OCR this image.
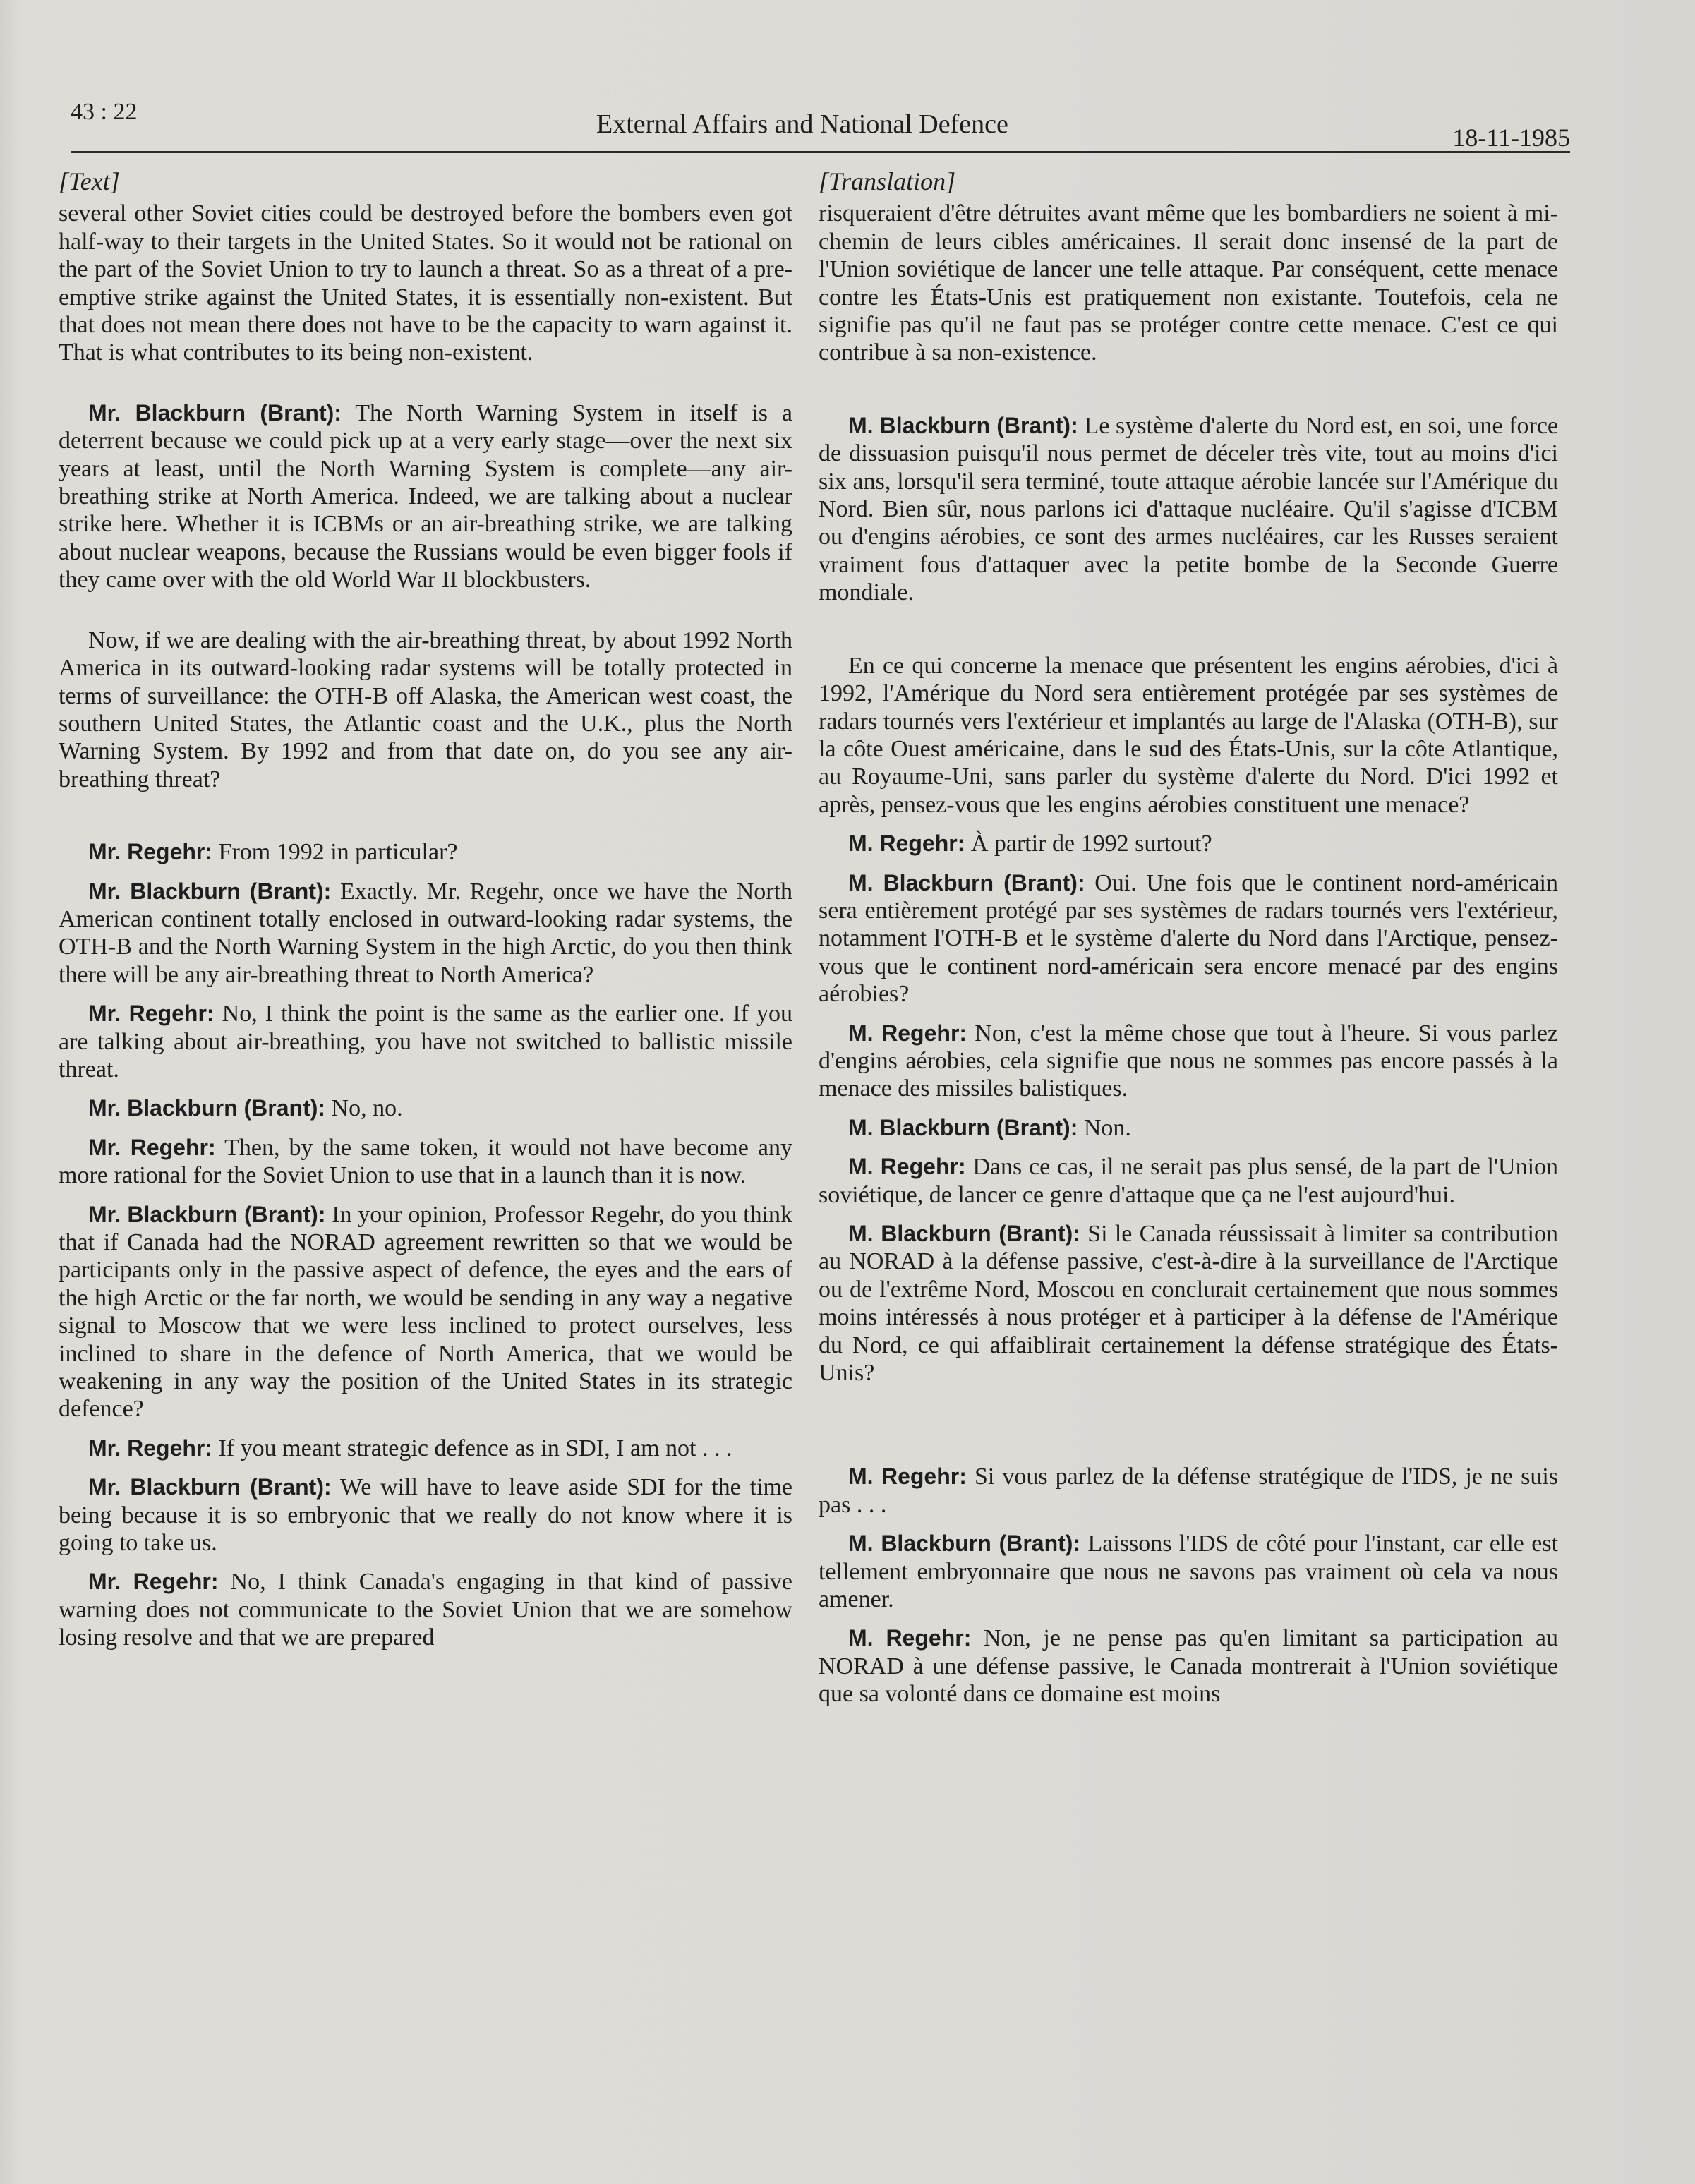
43 : 22	External Affairs and National Defence	18-11-1985
[Text]

several other Soviet cities could be destroyed before the bombers even got half-way to their targets in the United States. So it would not be rational on the part of the Soviet Union to try to launch a threat. So as a threat of a pre-emptive strike against the United States, it is essentially non-existent. But that does not mean there does not have to be the capacity to warn against it. That is what contributes to its being non-existent.

Mr. Blackburn (Brant): The North Warning System in itself is a deterrent because we could pick up at a very early stage—over the next six years at least, until the North Warning System is complete—any air-breathing strike at North America. Indeed, we are talking about a nuclear strike here. Whether it is ICBMs or an air-breathing strike, we are talking about nuclear weapons, because the Russians would be even bigger fools if they came over with the old World War II blockbusters.

Now, if we are dealing with the air-breathing threat, by about 1992 North America in its outward-looking radar systems will be totally protected in terms of surveillance: the OTH-B off Alaska, the American west coast, the southern United States, the Atlantic coast and the U.K., plus the North Warning System. By 1992 and from that date on, do you see any air-breathing threat?

Mr. Regehr: From 1992 in particular?

Mr. Blackburn (Brant): Exactly. Mr. Regehr, once we have the North American continent totally enclosed in outward-looking radar systems, the OTH-B and the North Warning System in the high Arctic, do you then think there will be any air-breathing threat to North America?

Mr. Regehr: No, I think the point is the same as the earlier one. If you are talking about air-breathing, you have not switched to ballistic missile threat.

Mr. Blackburn (Brant): No, no.

Mr. Regehr: Then, by the same token, it would not have become any more rational for the Soviet Union to use that in a launch than it is now.

Mr. Blackburn (Brant): In your opinion, Professor Regehr, do you think that if Canada had the NORAD agreement rewritten so that we would be participants only in the passive aspect of defence, the eyes and the ears of the high Arctic or the far north, we would be sending in any way a negative signal to Moscow that we were less inclined to protect ourselves, less inclined to share in the defence of North America, that we would be weakening in any way the position of the United States in its strategic defence?

Mr. Regehr: If you meant strategic defence as in SDI, I am not . . .

Mr. Blackburn (Brant): We will have to leave aside SDI for the time being because it is so embryonic that we really do not know where it is going to take us.

Mr. Regehr: No, I think Canada's engaging in that kind of passive warning does not communicate to the Soviet Union that we are somehow losing resolve and that we are prepared

[Translation]

risqueraient d'être détruites avant même que les bombardiers ne soient à mi-chemin de leurs cibles américaines. Il serait donc insensé de la part de l'Union soviétique de lancer une telle attaque. Par conséquent, cette menace contre les États-Unis est pratiquement non existante. Toutefois, cela ne signifie pas qu'il ne faut pas se protéger contre cette menace. C'est ce qui contribue à sa non-existence.

M. Blackburn (Brant): Le système d'alerte du Nord est, en soi, une force de dissuasion puisqu'il nous permet de déceler très vite, tout au moins d'ici six ans, lorsqu'il sera terminé, toute attaque aérobie lancée sur l'Amérique du Nord. Bien sûr, nous parlons ici d'attaque nucléaire. Qu'il s'agisse d'ICBM ou d'engins aérobies, ce sont des armes nucléaires, car les Russes seraient vraiment fous d'attaquer avec la petite bombe de la Seconde Guerre mondiale.

En ce qui concerne la menace que présentent les engins aérobies, d'ici à 1992, l'Amérique du Nord sera entièrement protégée par ses systèmes de radars tournés vers l'extérieur et implantés au large de l'Alaska (OTH-B), sur la côte Ouest américaine, dans le sud des États-Unis, sur la côte Atlantique, au Royaume-Uni, sans parler du système d'alerte du Nord. D'ici 1992 et après, pensez-vous que les engins aérobies constituent une menace?

M. Regehr: À partir de 1992 surtout?

M. Blackburn (Brant): Oui. Une fois que le continent nord-américain sera entièrement protégé par ses systèmes de radars tournés vers l'extérieur, notamment l'OTH-B et le système d'alerte du Nord dans l'Arctique, pensez-vous que le continent nord-américain sera encore menacé par des engins aérobies?

M. Regehr: Non, c'est la même chose que tout à l'heure. Si vous parlez d'engins aérobies, cela signifie que nous ne sommes pas encore passés à la menace des missiles balistiques.

M. Blackburn (Brant): Non.

M. Regehr: Dans ce cas, il ne serait pas plus sensé, de la part de l'Union soviétique, de lancer ce genre d'attaque que ça ne l'est aujourd'hui.

M. Blackburn (Brant): Si le Canada réussissait à limiter sa contribution au NORAD à la défense passive, c'est-à-dire à la surveillance de l'Arctique ou de l'extrême Nord, Moscou en conclurait certainement que nous sommes moins intéressés à nous protéger et à participer à la défense de l'Amérique du Nord, ce qui affaiblirait certainement la défense stratégique des États-Unis?

M. Regehr: Si vous parlez de la défense stratégique de l'IDS, je ne suis pas . . .

M. Blackburn (Brant): Laissons l'IDS de côté pour l'instant, car elle est tellement embryonnaire que nous ne savons pas vraiment où cela va nous amener.

M. Regehr: Non, je ne pense pas qu'en limitant sa participation au NORAD à une défense passive, le Canada montrerait à l'Union soviétique que sa volonté dans ce domaine est moins
